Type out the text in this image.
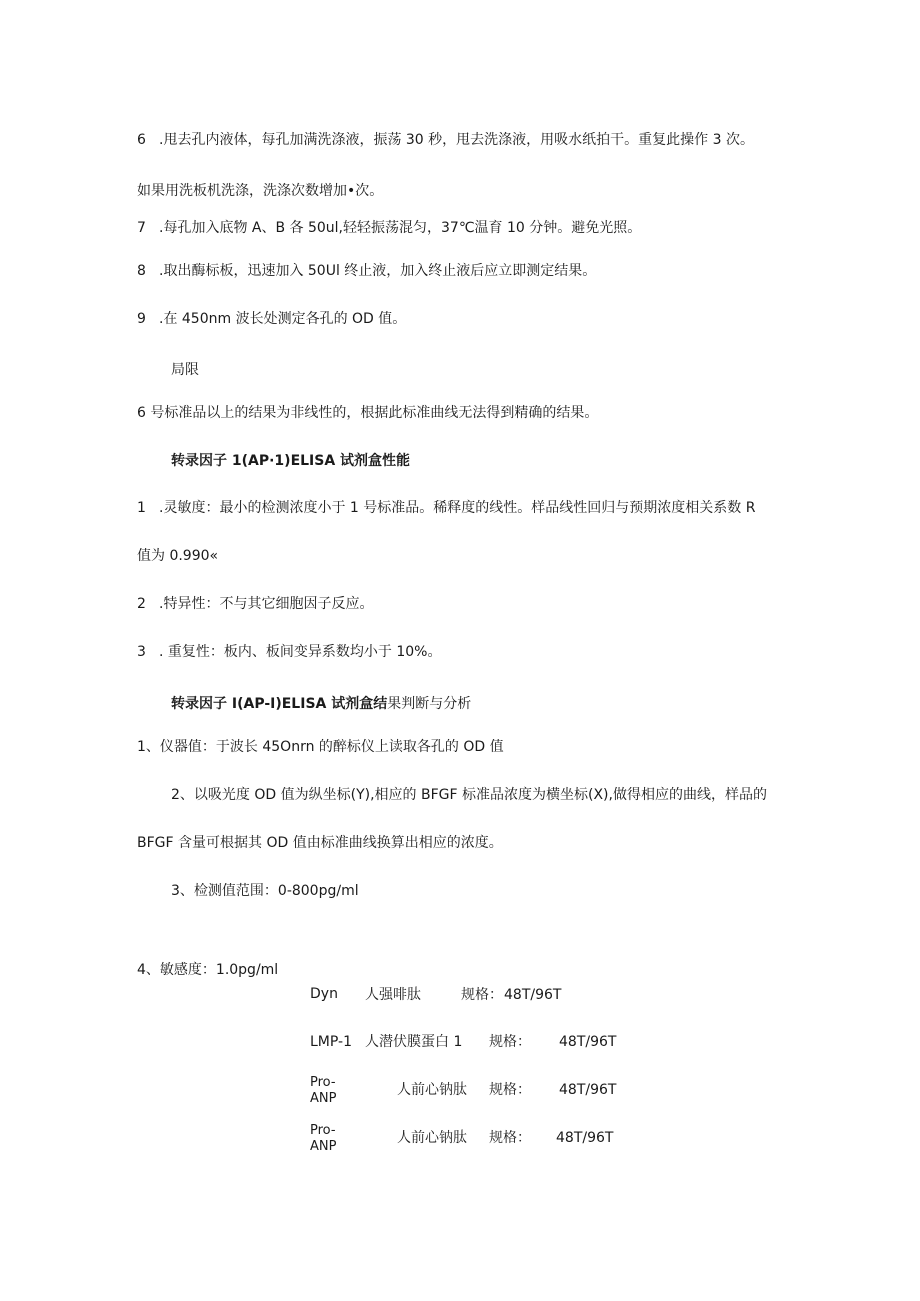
6 .甩去孔内液体，每孔加满洗涤液，振荡 30 秒，甩去洗涤液，用吸水纸拍干。重复此操作 3 次。
如果用洗板机洗涤，洗涤次数增加•次。
7 .每孔加入底物 A、B 各 50ul,轻轻振荡混匀，37℃温育 10 分钟。避免光照。
8 .取出酶标板，迅速加入 50Ul 终止液，加入终止液后应立即测定结果。
9 .在 450nm 波长处测定各孔的 OD 值。
局限
6 号标准品以上的结果为非线性的，根据此标准曲线无法得到精确的结果。
转录因子 1(AP·1)ELISA 试剂盒性能
1 .灵敏度：最小的检测浓度小于 1 号标准品。稀释度的线性。样品线性回归与预期浓度相关系数 R
值为 0.990«
2 .特异性：不与其它细胞因子反应。
3 . 重复性：板内、板间变异系数均小于 10%。
转录因子 I(AP-I)ELISA 试剂盒结果判断与分析
1、仪器值：于波长 45Onrn 的醉标仪上读取各孔的 OD 值
2、以吸光度 OD 值为纵坐标(Y),相应的 BFGF 标准品浓度为横坐标(X),做得相应的曲线，样品的
BFGF 含量可根据其 OD 值由标准曲线换算出相应的浓度。
3、检测值范围：0-800pg∕ml
4、敏感度：1.0pg/ml
Dyn 人强啡肽	规格： 48T/96T
LMP-1 人潜伏膜蛋白 1 规格： 48T/96T
Pro-
ANP
人前心钠肽 规格： 48T/96T
Pro-
ANP
人前心钠肽 规格： 48T/96T
